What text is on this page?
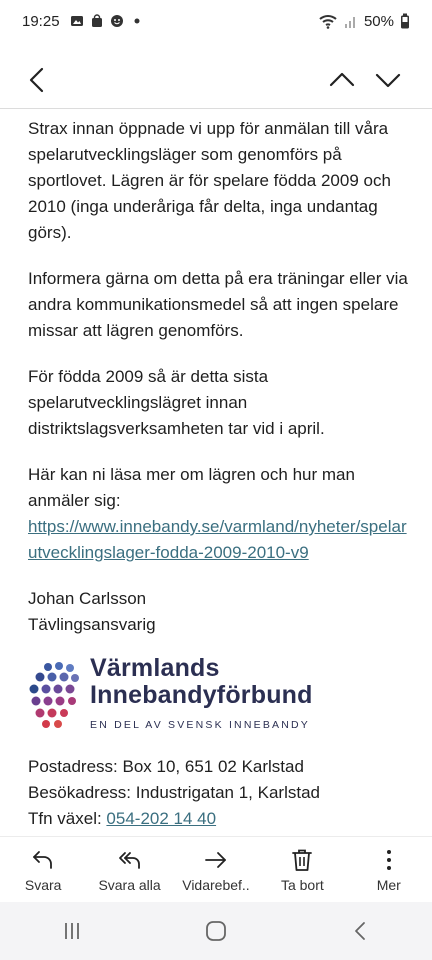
19:25	50%

Strax innan öppnade vi upp för anmälan till våra spelarutvecklingsläger som genomförs på sportlovet. Lägren är för spelare födda 2009 och 2010 (inga underåriga får delta, inga undantag görs).

Informera gärna om detta på era träningar eller via andra kommunikationsmedel så att ingen spelare missar att lägren genomförs.

För födda 2009 så är detta sista spelarutvecklingslägret innan distriktslagsverksamheten tar vid i april.

Här kan ni läsa mer om lägren och hur man anmäler sig:

https://www.innebandy.se/varmland/nyheter/spelarutvecklingslager-fodda-2009-2010-v9

Johan Carlsson

Tävlingsansvarig

Värmlands
Innebandyförbund
EN DEL AV SVENSK INNEBANDY

Postadress: Box 10, 651 02 Karlstad

Besökadress: Industrigatan 1, Karlstad

Tfn växel: 054-202 14 40

Svara	Svara alla Vidarebef.. Ta bort	Mer
